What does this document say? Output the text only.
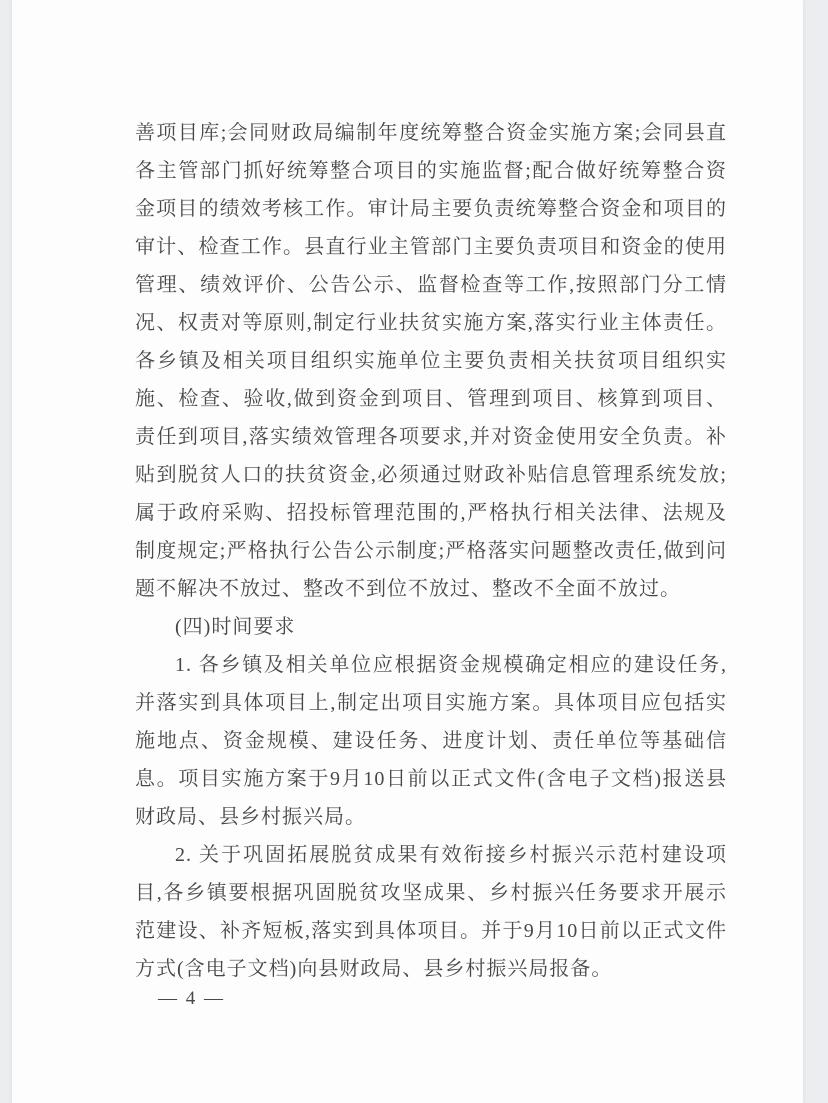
善项目库;会同财政局编制年度统筹整合资金实施方案;会同县直各主管部门抓好统筹整合项目的实施监督;配合做好统筹整合资金项目的绩效考核工作。审计局主要负责统筹整合资金和项目的审计、检查工作。县直行业主管部门主要负责项目和资金的使用管理、绩效评价、公告公示、监督检查等工作,按照部门分工情况、权责对等原则,制定行业扶贫实施方案,落实行业主体责任。各乡镇及相关项目组织实施单位主要负责相关扶贫项目组织实施、检查、验收,做到资金到项目、管理到项目、核算到项目、责任到项目,落实绩效管理各项要求,并对资金使用安全负责。补贴到脱贫人口的扶贫资金,必须通过财政补贴信息管理系统发放;属于政府采购、招投标管理范围的,严格执行相关法律、法规及制度规定;严格执行公告公示制度;严格落实问题整改责任,做到问题不解决不放过、整改不到位不放过、整改不全面不放过。

(四)时间要求

1. 各乡镇及相关单位应根据资金规模确定相应的建设任务,并落实到具体项目上,制定出项目实施方案。具体项目应包括实施地点、资金规模、建设任务、进度计划、责任单位等基础信息。项目实施方案于9月10日前以正式文件(含电子文档)报送县财政局、县乡村振兴局。

2. 关于巩固拓展脱贫成果有效衔接乡村振兴示范村建设项目,各乡镇要根据巩固脱贫攻坚成果、乡村振兴任务要求开展示范建设、补齐短板,落实到具体项目。并于9月10日前以正式文件方式(含电子文档)向县财政局、县乡村振兴局报备。

— 4 —
